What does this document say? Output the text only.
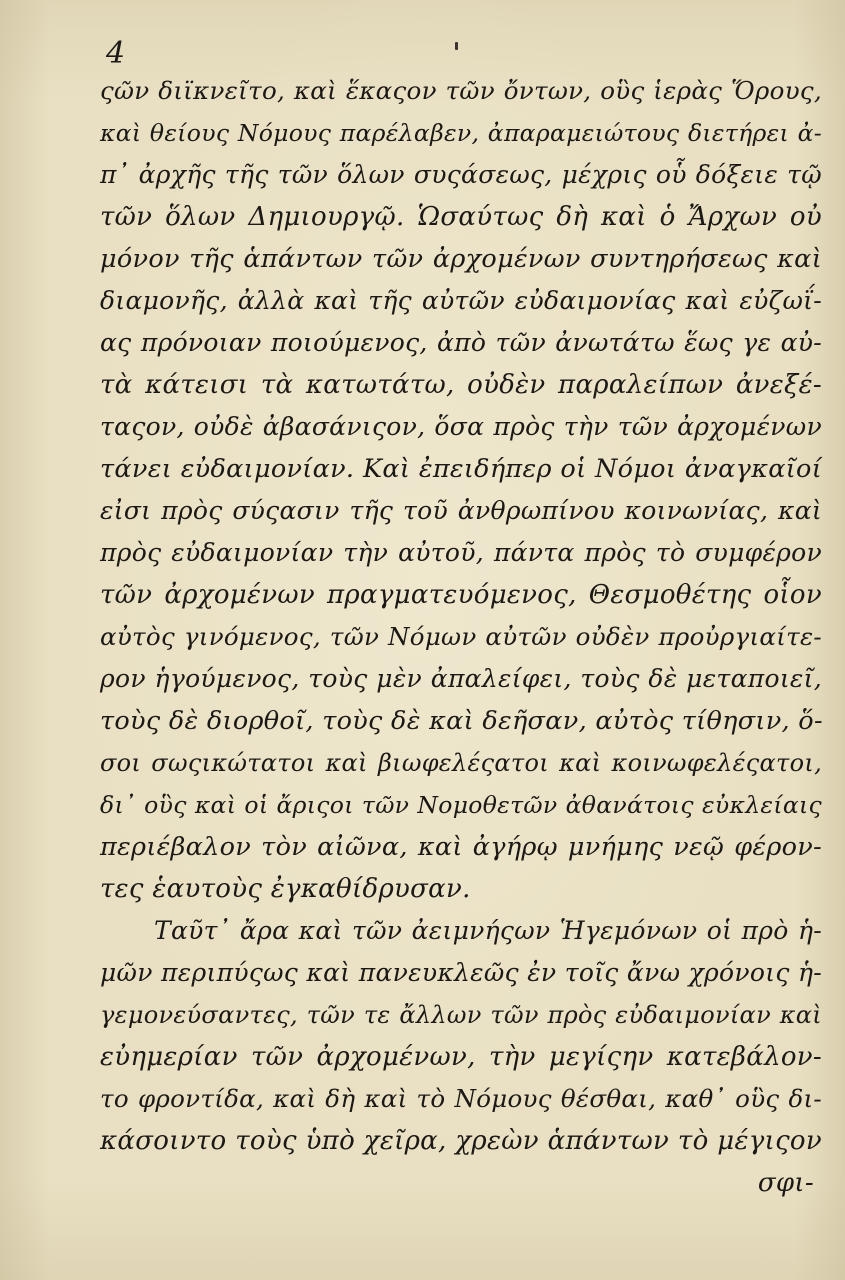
4
ςῶν διϊκνεῖτο, καὶ ἕκαςον τῶν ὄντων, οὓς ἱερὰς Ὅρους,
καὶ θείους Νόμους παρέλαβεν, ἀπαραμειώτους διετήρει ἀ-
π᾽ ἀρχῆς τῆς τῶν ὅλων συςάσεως, μέχρις οὗ δόξειε τῷ
τῶν ὅλων Δημιουργῷ. Ὡσαύτως δὴ καὶ ὁ Ἄρχων οὐ
μόνον τῆς ἁπάντων τῶν ἀρχομένων συντηρήσεως καὶ
διαμονῆς, ἀλλὰ καὶ τῆς αὐτῶν εὐδαιμονίας καὶ εὐζωΐ-
ας πρόνοιαν ποιούμενος, ἀπὸ τῶν ἀνωτάτω ἕως γε αὐ-
τὰ κάτεισι τὰ κατωτάτω, οὐδὲν παραλείπων ἀνεξέ-
ταςον, οὐδὲ ἀβασάνιςον, ὅσα πρὸς τὴν τῶν ἀρχομένων
τάνει εὐδαιμονίαν. Καὶ ἐπειδήπερ οἱ Νόμοι ἀναγκαῖοί
εἰσι πρὸς σύςασιν τῆς τοῦ ἀνθρωπίνου κοινωνίας, καὶ
πρὸς εὐδαιμονίαν τὴν αὐτοῦ, πάντα πρὸς τὸ συμφέρον
τῶν ἀρχομένων πραγματευόμενος, Θεσμοθέτης οἷον
αὐτὸς γινόμενος, τῶν Νόμων αὐτῶν οὐδὲν προὐργιαίτε-
ρον ἡγούμενος, τοὺς μὲν ἀπαλείφει, τοὺς δὲ μεταποιεῖ,
τοὺς δὲ διορθοῖ, τοὺς δὲ καὶ δεῆσαν, αὐτὸς τίθησιν, ὅ-
σοι σωςικώτατοι καὶ βιωφελέςατοι καὶ κοινωφελέςατοι,
δι᾽ οὓς καὶ οἱ ἄριςοι τῶν Νομοθετῶν ἀθανάτοις εὐκλείαις
περιέβαλον τὸν αἰῶνα, καὶ ἀγήρῳ μνήμης νεῷ φέρον-
τες ἑαυτοὺς ἐγκαθίδρυσαν.
Ταῦτ᾽ ἄρα καὶ τῶν ἀειμνήςων Ἡγεμόνων οἱ πρὸ ἡ-
μῶν περιπύςως καὶ πανευκλεῶς ἐν τοῖς ἄνω χρόνοις ἡ-
γεμονεύσαντες, τῶν τε ἄλλων τῶν πρὸς εὐδαιμονίαν καὶ
εὐημερίαν τῶν ἀρχομένων, τὴν μεγίςην κατεβάλον-
το φροντίδα, καὶ δὴ καὶ τὸ Νόμους θέσθαι, καθ᾽ οὓς δι-
κάσοιντο τοὺς ὑπὸ χεῖρα, χρεὼν ἁπάντων τὸ μέγιςον
σφι-
